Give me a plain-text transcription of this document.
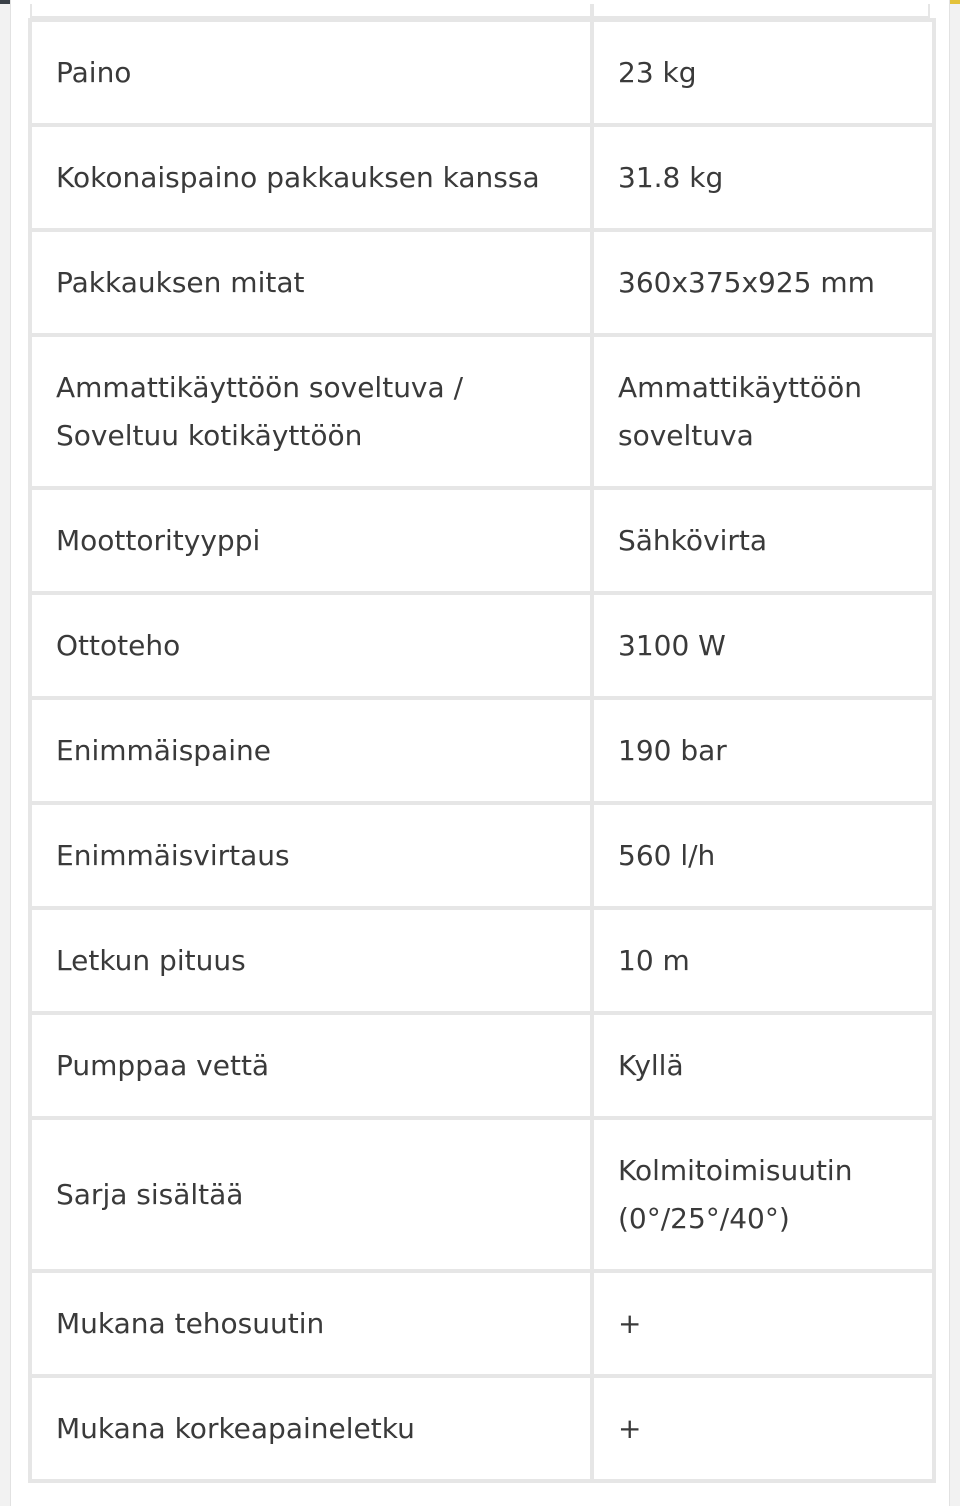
Paino	23 kg
Kokonaispaino pakkauksen kanssa	31.8 kg
Pakkauksen mitat	360x375x925 mm
Ammattikäyttöön soveltuva / Soveltuu kotikäyttöön	Ammattikäyttöön soveltuva
Moottorityyppi	Sähkövirta
Ottoteho	3100 W
Enimmäispaine	190 bar
Enimmäisvirtaus	560 l/h
Letkun pituus	10 m
Pumppaa vettä	Kyllä
Sarja sisältää	Kolmitoimisuutin (0°/25°/40°)
Mukana tehosuutin	+
Mukana korkeapaineletku	+
